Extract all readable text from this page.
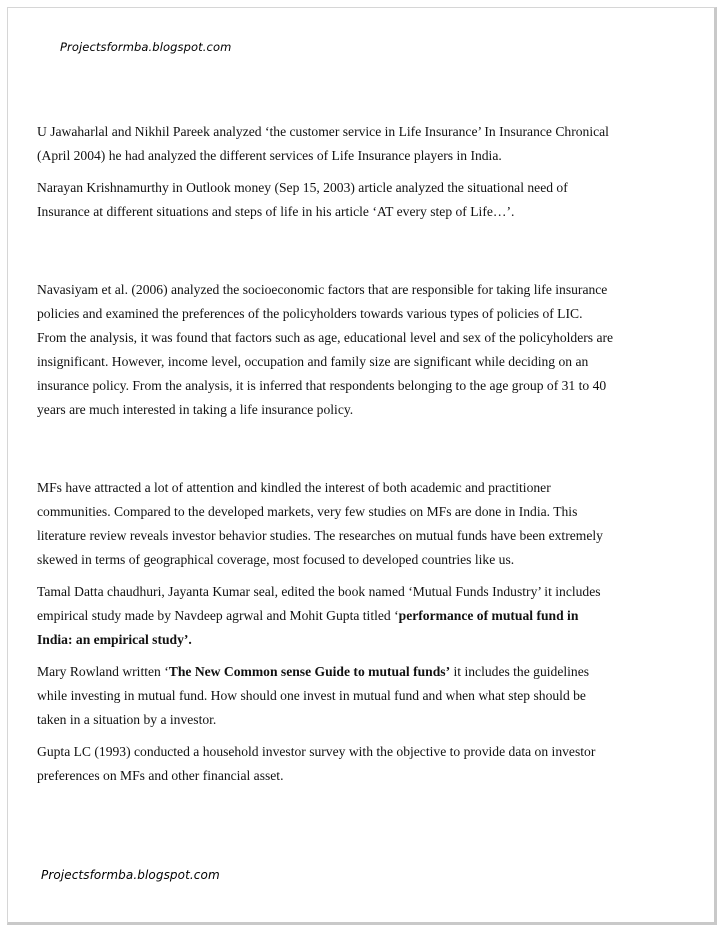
Projectsformba.blogspot.com

U Jawaharlal and Nikhil Pareek analyzed ‘the customer service in Life Insurance’ In Insurance Chronical
(April 2004) he had analyzed the different services of Life Insurance players in India.

Narayan Krishnamurthy in Outlook money (Sep 15, 2003) article analyzed the situational need of
Insurance at different situations and steps of life in his article ‘AT every step of Life…’.

Navasiyam et al. (2006) analyzed the socioeconomic factors that are responsible for taking life insurance
policies and examined the preferences of the policyholders towards various types of policies of LIC.
From the analysis, it was found that factors such as age, educational level and sex of the policyholders are
insignificant. However, income level, occupation and family size are significant while deciding on an
insurance policy. From the analysis, it is inferred that respondents belonging to the age group of 31 to 40
years are much interested in taking a life insurance policy.

MFs have attracted a lot of attention and kindled the interest of both academic and practitioner
communities. Compared to the developed markets, very few studies on MFs are done in India. This
literature review reveals investor behavior studies. The researches on mutual funds have been extremely
skewed in terms of geographical coverage, most focused to developed countries like us.

Tamal Datta chaudhuri, Jayanta Kumar seal, edited the book named ‘Mutual Funds Industry’ it includes
empirical study made by Navdeep agrwal and Mohit Gupta titled ‘performance of mutual fund in
India: an empirical study’.

Mary Rowland written ‘The New Common sense Guide to mutual funds’ it includes the guidelines
while investing in mutual fund. How should one invest in mutual fund and when what step should be
taken in a situation by a investor.

Gupta LC (1993) conducted a household investor survey with the objective to provide data on investor
preferences on MFs and other financial asset.

Projectsformba.blogspot.com
